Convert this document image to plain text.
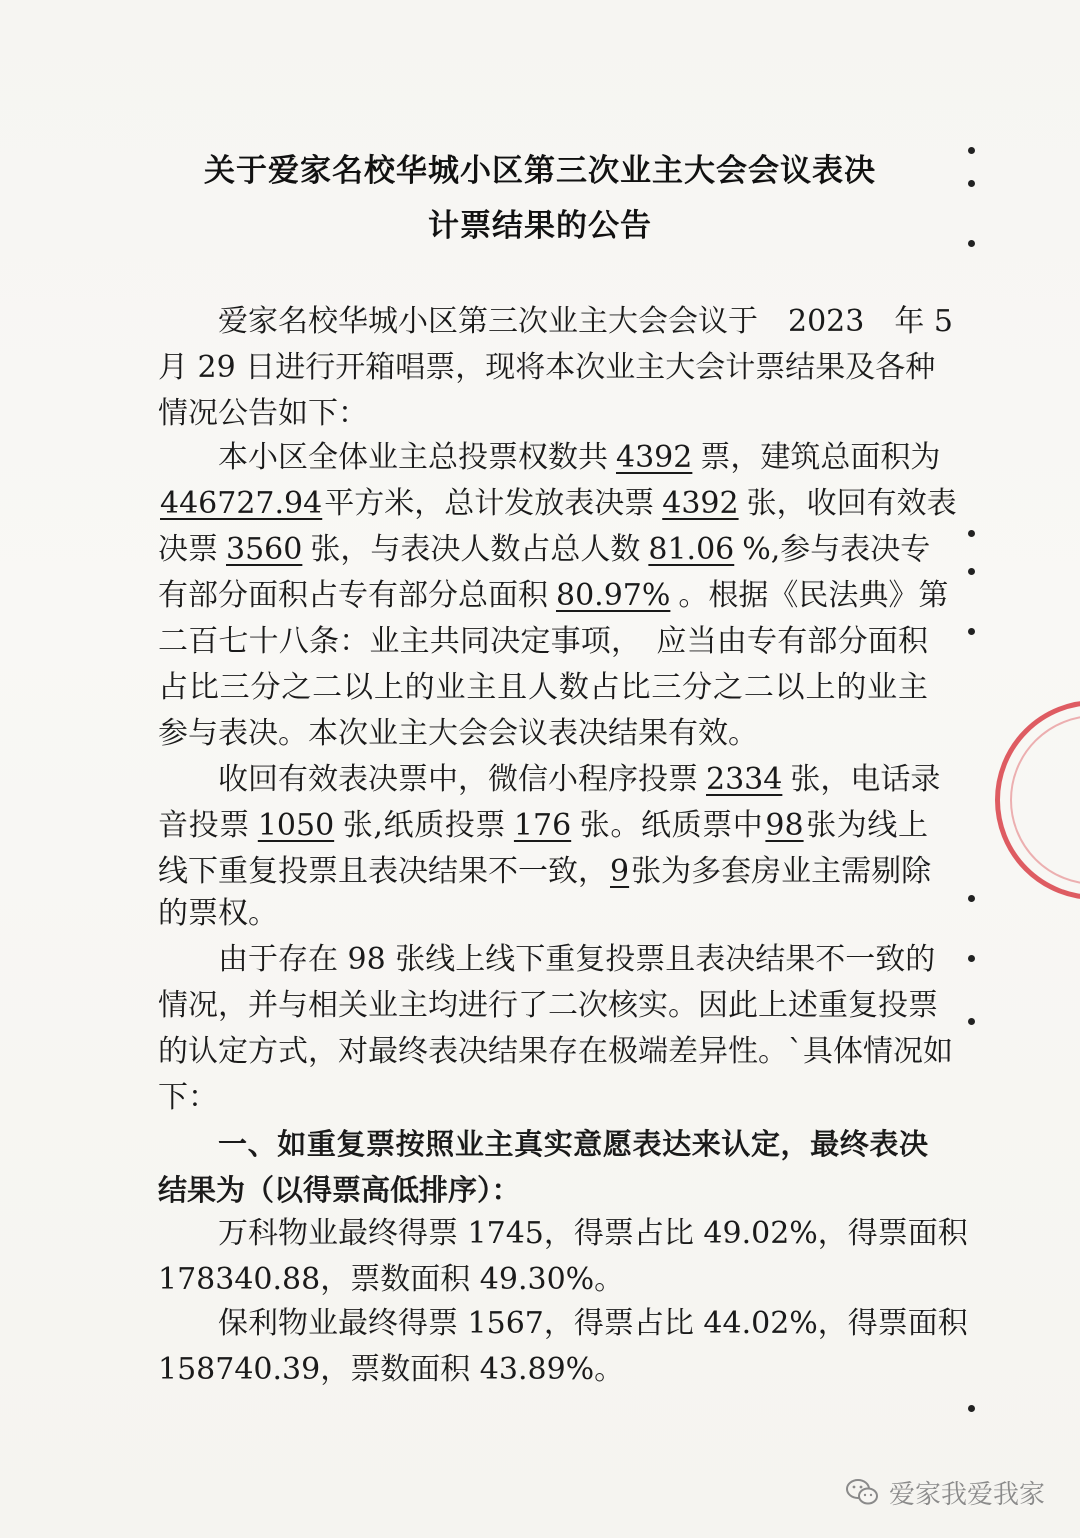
关于爱家名校华城小区第三次业主大会会议表决
计票结果的公告
爱家名校华城小区第三次业主大会会议于　2023　年 5
月 29 日进行开箱唱票，现将本次业主大会计票结果及各种
情况公告如下：
本小区全体业主总投票权数共 4392 票，建筑总面积为
446727.94平方米，总计发放表决票 4392 张，收回有效表
决票 3560 张，与表决人数占总人数 81.06 %,参与表决专
有部分面积占专有部分总面积 80.97% 。根据《民法典》第
二百七十八条：业主共同决定事项，　应当由专有部分面积
占比三分之二以上的业主且人数占比三分之二以上的业主
参与表决。本次业主大会会议表决结果有效。
收回有效表决票中，微信小程序投票 2334 张，电话录
音投票 1050 张,纸质投票 176 张。纸质票中98张为线上
线下重复投票且表决结果不一致，9张为多套房业主需剔除
的票权。
由于存在 98 张线上线下重复投票且表决结果不一致的
情况，并与相关业主均进行了二次核实。因此上述重复投票
的认定方式，对最终表决结果存在极端差异性。`具体情况如
下：
一、如重复票按照业主真实意愿表达来认定，最终表决
结果为（以得票高低排序）：
万科物业最终得票 1745，得票占比 49.02%，得票面积
178340.88，票数面积 49.30%。
保利物业最终得票 1567，得票占比 44.02%，得票面积
158740.39，票数面积 43.89%。
爱家我爱我家
